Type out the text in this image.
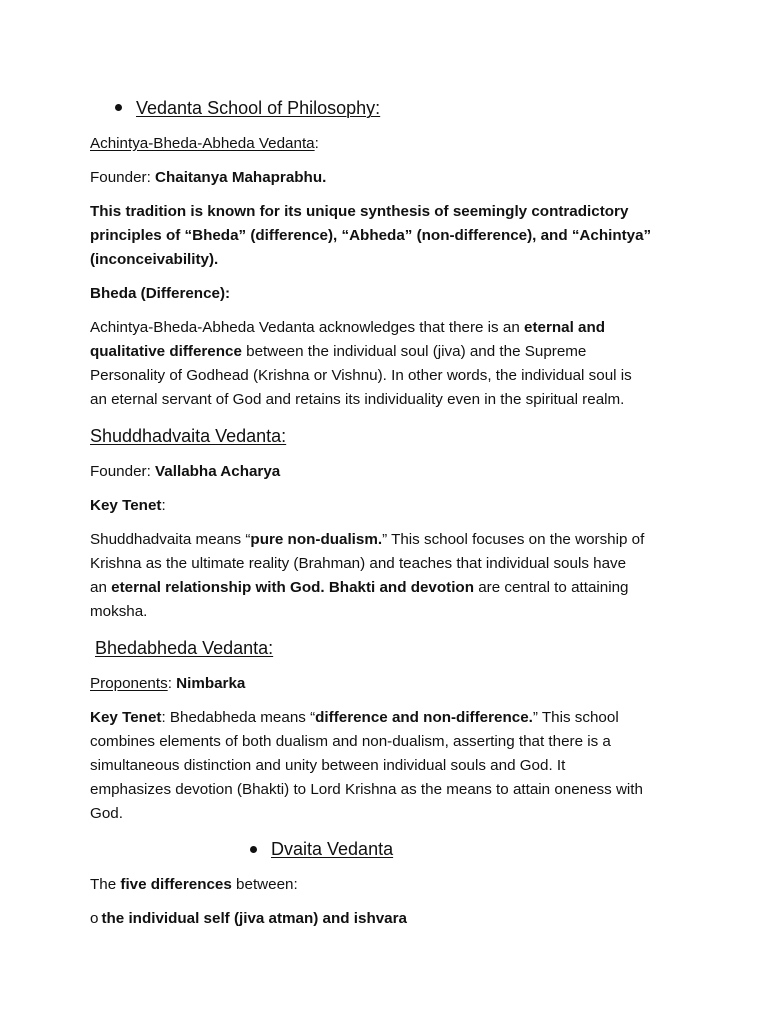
Vedanta School of Philosophy:
Achintya-Bheda-Abheda Vedanta:
Founder: Chaitanya Mahaprabhu.
This tradition is known for its unique synthesis of seemingly contradictory
principles of “Bheda” (difference), “Abheda” (non-difference), and “Achintya”
(inconceivability).
Bheda (Difference):
Achintya-Bheda-Abheda Vedanta acknowledges that there is an eternal and
qualitative difference between the individual soul (jiva) and the Supreme
Personality of Godhead (Krishna or Vishnu). In other words, the individual soul is
an eternal servant of God and retains its individuality even in the spiritual realm.
Shuddhadvaita Vedanta:
Founder: Vallabha Acharya
Key Tenet:
Shuddhadvaita means “pure non-dualism.” This school focuses on the worship of
Krishna as the ultimate reality (Brahman) and teaches that individual souls have
an eternal relationship with God. Bhakti and devotion are central to attaining
moksha.
Bhedabheda Vedanta:
Proponents: Nimbarka
Key Tenet: Bhedabheda means “difference and non-difference.” This school
combines elements of both dualism and non-dualism, asserting that there is a
simultaneous distinction and unity between individual souls and God. It
emphasizes devotion (Bhakti) to Lord Krishna as the means to attain oneness with
God.
Dvaita Vedanta
The five differences between:
o the individual self (jiva atman) and ishvara
